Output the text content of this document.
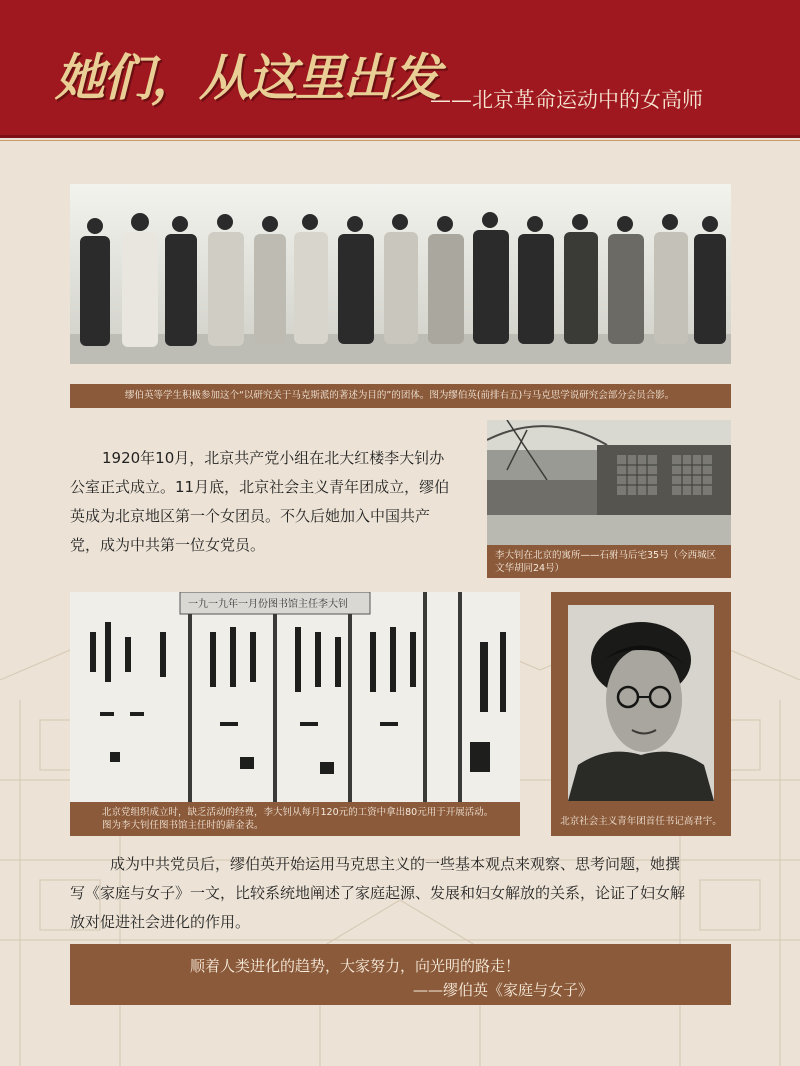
她们，从这里出发
——北京革命运动中的女高师
缪伯英等学生积极参加这个“以研究关于马克斯派的著述为目的”的团体。图为缪伯英(前排右五)与马克思学说研究会部分会员合影。
1920年10月，北京共产党小组在北大红楼李大钊办
公室正式成立。11月底，北京社会主义青年团成立，缪伯
英成为北京地区第一个女团员。不久后她加入中国共产
党，成为中共第一位女党员。
李大钊在北京的寓所——石驸马后宅35号（今西城区文华胡同24号）
一九一九年一月份图书馆主任李大钊
北京党组织成立时，缺乏活动的经费，李大钊从每月120元的工资中拿出80元用于开展活动。
图为李大钊任图书馆主任时的薪金表。	北京社会主义青年团首任书记高君宇。
成为中共党员后，缪伯英开始运用马克思主义的一些基本观点来观察、思考问题，她撰
写《家庭与女子》一文，比较系统地阐述了家庭起源、发展和妇女解放的关系，论证了妇女解
放对促进社会进化的作用。
顺着人类进化的趋势，大家努力，向光明的路走！
——缪伯英《家庭与女子》
